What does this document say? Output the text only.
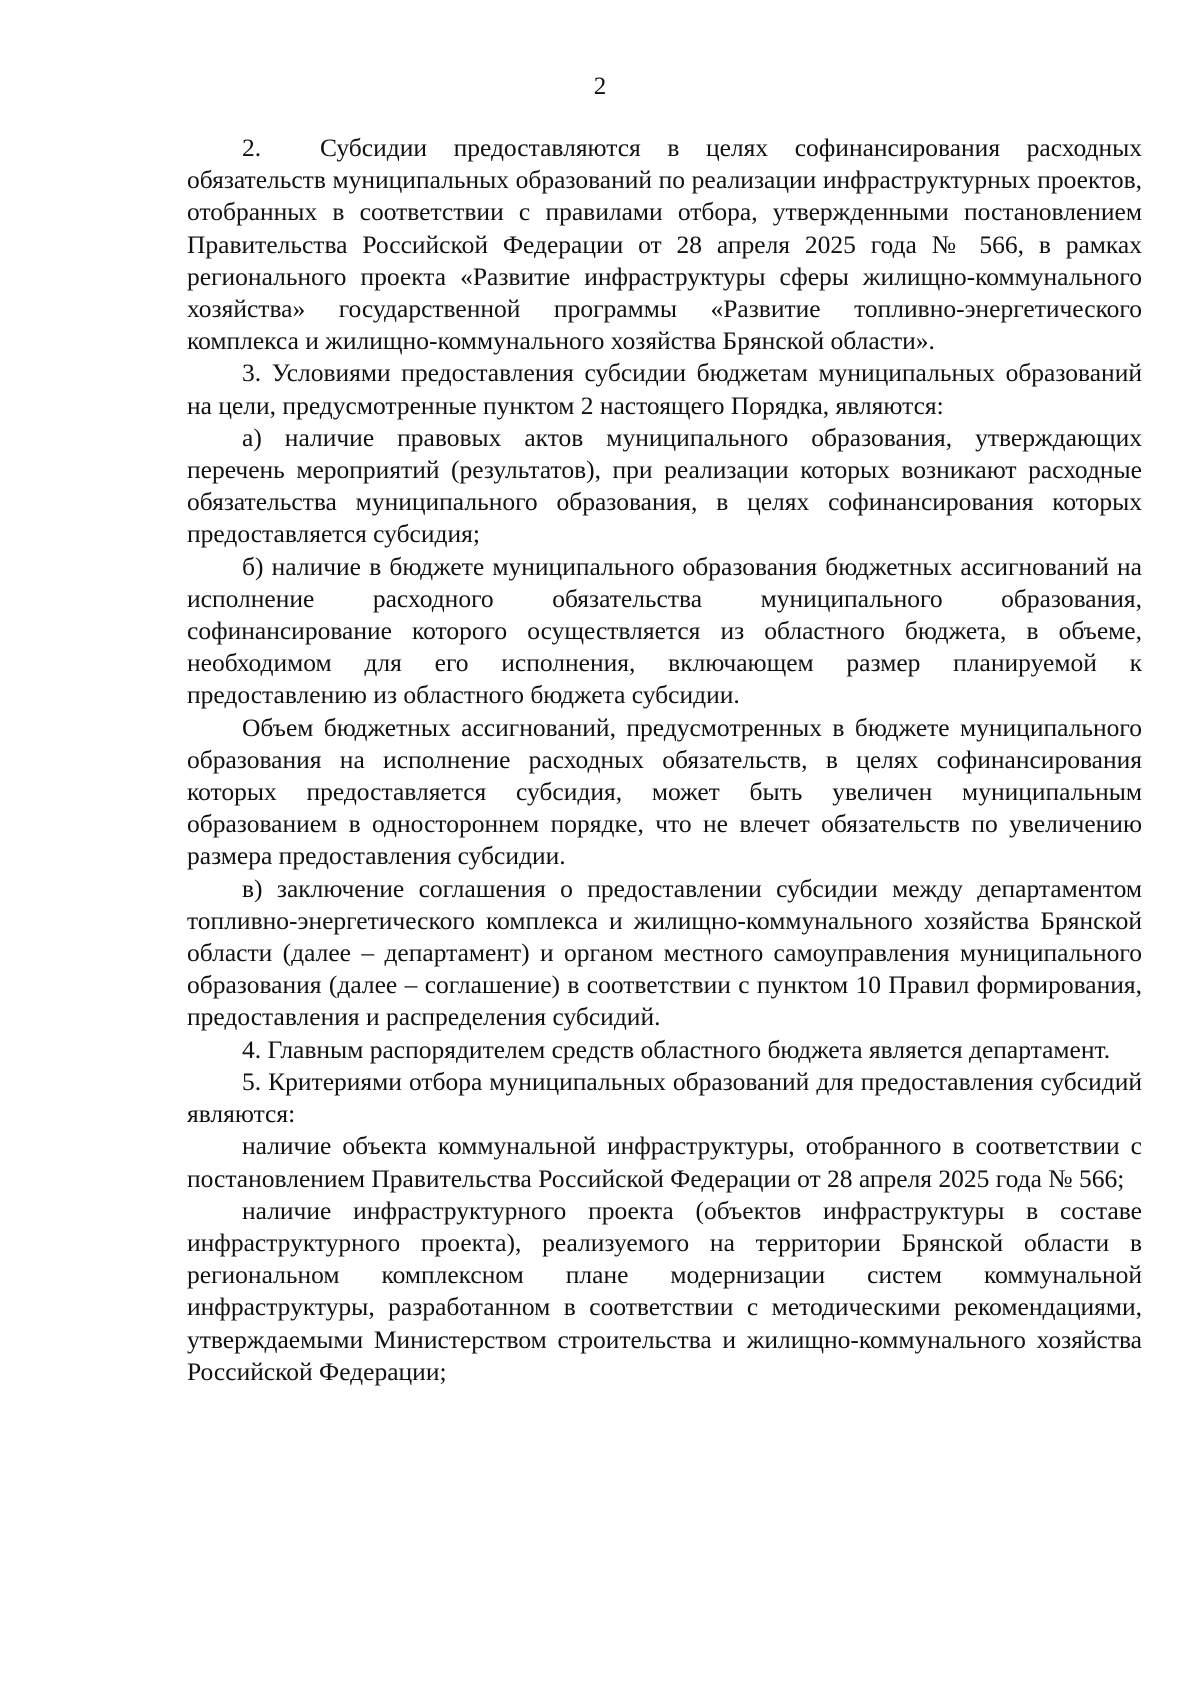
2

2. Субсидии предоставляются в целях софинансирования расходных обязательств муниципальных образований по реализации инфраструктурных проектов, отобранных в соответствии с правилами отбора, утвержденными постановлением Правительства Российской Федерации от 28 апреля 2025 года № 566, в рамках регионального проекта «Развитие инфраструктуры сферы жилищно-коммунального хозяйства» государственной программы «Развитие топливно-энергетического комплекса и жилищно-коммунального хозяйства Брянской области».

3. Условиями предоставления субсидии бюджетам муниципальных образований на цели, предусмотренные пунктом 2 настоящего Порядка, являются:

а) наличие правовых актов муниципального образования, утверждающих перечень мероприятий (результатов), при реализации которых возникают расходные обязательства муниципального образования, в целях софинансирования которых предоставляется субсидия;

б) наличие в бюджете муниципального образования бюджетных ассигнований на исполнение расходного обязательства муниципального образования, софинансирование которого осуществляется из областного бюджета, в объеме, необходимом для его исполнения, включающем размер планируемой к предоставлению из областного бюджета субсидии.

Объем бюджетных ассигнований, предусмотренных в бюджете муниципального образования на исполнение расходных обязательств, в целях софинансирования которых предоставляется субсидия, может быть увеличен муниципальным образованием в одностороннем порядке, что не влечет обязательств по увеличению размера предоставления субсидии.

в) заключение соглашения о предоставлении субсидии между департаментом топливно-энергетического комплекса и жилищно-коммунального хозяйства Брянской области (далее – департамент) и органом местного самоуправления муниципального образования (далее – соглашение) в соответствии с пунктом 10 Правил формирования, предоставления и распределения субсидий.

4. Главным распорядителем средств областного бюджета является департамент.

5. Критериями отбора муниципальных образований для предоставления субсидий являются:

наличие объекта коммунальной инфраструктуры, отобранного в соответствии с постановлением Правительства Российской Федерации от 28 апреля 2025 года № 566;

наличие инфраструктурного проекта (объектов инфраструктуры в составе инфраструктурного проекта), реализуемого на территории Брянской области в региональном комплексном плане модернизации систем коммунальной инфраструктуры, разработанном в соответствии с методическими рекомендациями, утверждаемыми Министерством строительства и жилищно-коммунального хозяйства Российской Федерации;
